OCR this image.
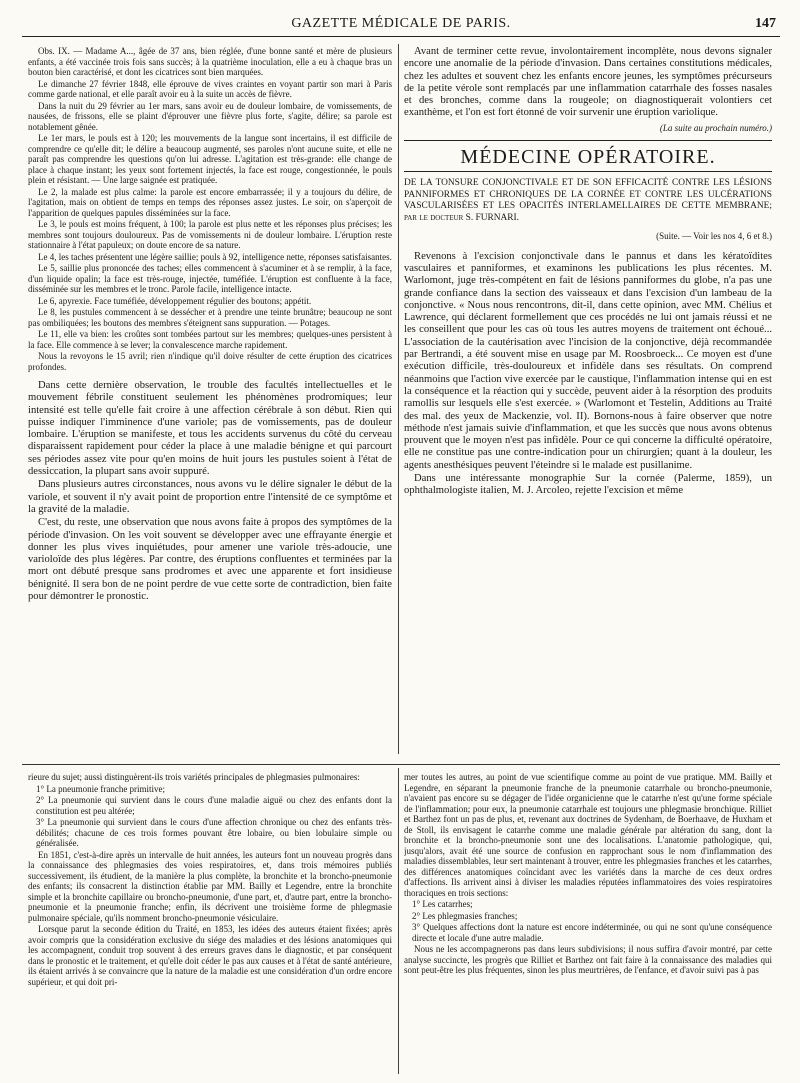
GAZETTE MÉDICALE DE PARIS.	147

Obs. IX. — Madame A..., âgée de 37 ans, bien réglée, d'une bonne santé et mère de plusieurs enfants, a été vaccinée trois fois sans succès; à la quatrième inoculation, elle a eu à chaque bras un bouton bien caractérisé, et dont les cicatrices sont bien marquées.

Le dimanche 27 février 1848, elle éprouve de vives craintes en voyant partir son mari à Paris comme garde national, et elle paraît avoir eu à la suite un accès de fièvre.

Dans la nuit du 29 février au 1er mars, sans avoir eu de douleur lombaire, de vomissements, de nausées, de frissons, elle se plaint d'éprouver une fièvre plus forte, s'agite, délire; sa parole est notablement gênée.

Le 1er mars, le pouls est à 120; les mouvements de la langue sont incertains, il est difficile de comprendre ce qu'elle dit; le délire a beaucoup augmenté, ses paroles n'ont aucune suite, et elle ne paraît pas comprendre les questions qu'on lui adresse. L'agitation est très-grande: elle change de place à chaque instant; les yeux sont fortement injectés, la face est rouge, congestionnée, le pouls plein et résistant. — Une large saignée est pratiquée.

Le 2, la malade est plus calme: la parole est encore embarrassée; il y a toujours du délire, de l'agitation, mais on obtient de temps en temps des réponses assez justes. Le soir, on s'aperçoit de l'apparition de quelques papules disséminées sur la face.

Le 3, le pouls est moins fréquent, à 100; la parole est plus nette et les réponses plus précises; les membres sont toujours douloureux. Pas de vomissements ni de douleur lombaire. L'éruption reste stationnaire à l'état papuleux; on doute encore de sa nature.

Le 4, les taches présentent une légère saillie; pouls à 92, intelligence nette, réponses satisfaisantes.

Le 5, saillie plus prononcée des taches; elles commencent à s'acuminer et à se remplir, à la face, d'un liquide opalin; la face est très-rouge, injectée, tuméfiée. L'éruption est confluente à la face, disséminée sur les membres et le tronc. Parole facile, intelligence intacte.

Le 6, apyrexie. Face tuméfiée, développement régulier des boutons; appétit.

Le 8, les pustules commencent à se dessécher et à prendre une teinte brunâtre; beaucoup ne sont pas ombiliquées; les boutons des membres s'éteignent sans suppuration. — Potages.

Le 11, elle va bien: les croûtes sont tombées partout sur les membres; quelques-unes persistent à la face. Elle commence à se lever; la convalescence marche rapidement.

Nous la revoyons le 15 avril; rien n'indique qu'il doive résulter de cette éruption des cicatrices profondes.

Dans cette dernière observation, le trouble des facultés intellectuelles et le mouvement fébrile constituent seulement les phénomènes prodromiques; leur intensité est telle qu'elle fait croire à une affection cérébrale à son début. Rien qui puisse indiquer l'imminence d'une variole; pas de vomissements, pas de douleur lombaire. L'éruption se manifeste, et tous les accidents survenus du côté du cerveau disparaissent rapidement pour céder la place à une maladie bénigne et qui parcourt ses périodes assez vite pour qu'en moins de huit jours les pustules soient à l'état de dessiccation, la plupart sans avoir suppuré.

Dans plusieurs autres circonstances, nous avons vu le délire signaler le début de la variole, et souvent il n'y avait point de proportion entre l'intensité de ce symptôme et la gravité de la maladie.

C'est, du reste, une observation que nous avons faite à propos des symptômes de la période d'invasion. On les voit souvent se développer avec une effrayante énergie et donner les plus vives inquiétudes, pour amener une variole très-adoucie, une varioloïde des plus légères. Par contre, des éruptions confluentes et terminées par la mort ont débuté presque sans prodromes et avec une apparente et fort insidieuse bénignité. Il sera bon de ne point perdre de vue cette sorte de contradiction, bien faite pour démontrer le pronostic.

Avant de terminer cette revue, involontairement incomplète, nous devons signaler encore une anomalie de la période d'invasion. Dans certaines constitutions médicales, chez les adultes et souvent chez les enfants encore jeunes, les symptômes précurseurs de la petite vérole sont remplacés par une inflammation catarrhale des fosses nasales et des bronches, comme dans la rougeole; on diagnostiquerait volontiers cet exanthème, et l'on est fort étonné de voir survenir une éruption variolique.

(La suite au prochain numéro.)
MÉDECINE OPÉRATOIRE.
DE LA TONSURE CONJONCTIVALE ET DE SON EFFICACITÉ CONTRE LES LÉSIONS PANNIFORMES ET CHRONIQUES DE LA CORNÉE ET CONTRE LES ULCÉRATIONS VASCULARISÉES ET LES OPACITÉS INTERLAMELLAIRES DE CETTE MEMBRANE; par le docteur S. FURNARI.
(Suite. — Voir les nos 4, 6 et 8.)

Revenons à l'excision conjonctivale dans le pannus et dans les kératoïdites vasculaires et panniformes, et examinons les publications les plus récentes. M. Warlomont, juge très-compétent en fait de lésions panniformes du globe, n'a pas une grande confiance dans la section des vaisseaux et dans l'excision d'un lambeau de la conjonctive. « Nous nous rencontrons, dit-il, dans cette opinion, avec MM. Chélius et Lawrence, qui déclarent formellement que ces procédés ne lui ont jamais réussi et ne les conseillent que pour les cas où tous les autres moyens de traitement ont échoué... L'association de la cautérisation avec l'incision de la conjonctive, déjà recommandée par Bertrandi, a été souvent mise en usage par M. Roosbroeck... Ce moyen est d'une exécution difficile, très-douloureux et infidèle dans ses résultats. On comprend néanmoins que l'action vive exercée par le caustique, l'inflammation intense qui en est la conséquence et la réaction qui y succède, peuvent aider à la résorption des produits ramollis sur lesquels elle s'est exercée. » (Warlomont et Testelin, Additions au Traité des mal. des yeux de Mackenzie, vol. II). Bornons-nous à faire observer que notre méthode n'est jamais suivie d'inflammation, et que les succès que nous avons obtenus prouvent que le moyen n'est pas infidèle. Pour ce qui concerne la difficulté opératoire, elle ne constitue pas une contre-indication pour un chirurgien; quant à la douleur, les agents anesthésiques peuvent l'éteindre si le malade est pusillanime.

Dans une intéressante monographie Sur la cornée (Palerme, 1859), un ophthalmologiste italien, M. J. Arcoleo, rejette l'excision et même

rieure du sujet; aussi distinguèrent-ils trois variétés principales de phlegmasies pulmonaires:

1° La pneumonie franche primitive;

2° La pneumonie qui survient dans le cours d'une maladie aiguë ou chez des enfants dont la constitution est peu altérée;

3° La pneumonie qui survient dans le cours d'une affection chronique ou chez des enfants très-débilités; chacune de ces trois formes pouvant être lobaire, ou bien lobulaire simple ou généralisée.

En 1851, c'est-à-dire après un intervalle de huit années, les auteurs font un nouveau progrès dans la connaissance des phlegmasies des voies respiratoires, et, dans trois mémoires publiés successivement, ils étudient, de la manière la plus complète, la bronchite et la broncho-pneumonie des enfants; ils consacrent la distinction établie par MM. Bailly et Legendre, entre la bronchite simple et la bronchite capillaire ou broncho-pneumonie, d'une part, et, d'autre part, entre la broncho-pneumonie et la pneumonie franche; enfin, ils décrivent une troisième forme de phlegmasie pulmonaire spéciale, qu'ils nomment broncho-pneumonie vésiculaire.

Lorsque parut la seconde édition du Traité, en 1853, les idées des auteurs étaient fixées; après avoir compris que la considération exclusive du siége des maladies et des lésions anatomiques qui les accompagnent, conduit trop souvent à des erreurs graves dans le diagnostic, et par conséquent dans le pronostic et le traitement, et qu'elle doit céder le pas aux causes et à l'état de santé antérieure, ils étaient arrivés à se convaincre que la nature de la maladie est une considération d'un ordre encore supérieur, et qui doit pri-

mer toutes les autres, au point de vue scientifique comme au point de vue pratique. MM. Bailly et Legendre, en séparant la pneumonie franche de la pneumonie catarrhale ou broncho-pneumonie, n'avaient pas encore su se dégager de l'idée organicienne que le catarrhe n'est qu'une forme spéciale de l'inflammation; pour eux, la pneumonie catarrhale est toujours une phlegmasie bronchique. Rilliet et Barthez font un pas de plus, et, revenant aux doctrines de Sydenham, de Boerhaave, de Huxham et de Stoll, ils envisagent le catarrhe comme une maladie générale par altération du sang, dont la bronchite et la broncho-pneumonie sont une des localisations. L'anatomie pathologique, qui, jusqu'alors, avait été une source de confusion en rapprochant sous le nom d'inflammation des maladies dissemblables, leur sert maintenant à trouver, entre les phlegmasies franches et les catarrhes, des différences anatomiques coïncidant avec les variétés dans la marche de ces deux ordres d'affections. Ils arrivent ainsi à diviser les maladies réputées inflammatoires des voies respiratoires thoraciques en trois sections:

1° Les catarrhes;

2° Les phlegmasies franches;

3° Quelques affections dont la nature est encore indéterminée, ou qui ne sont qu'une conséquence directe et locale d'une autre maladie.

Nous ne les accompagnerons pas dans leurs subdivisions; il nous suffira d'avoir montré, par cette analyse succincte, les progrès que Rilliet et Barthez ont fait faire à la connaissance des maladies qui sont peut-être les plus fréquentes, sinon les plus meurtrières, de l'enfance, et d'avoir suivi pas à pas
